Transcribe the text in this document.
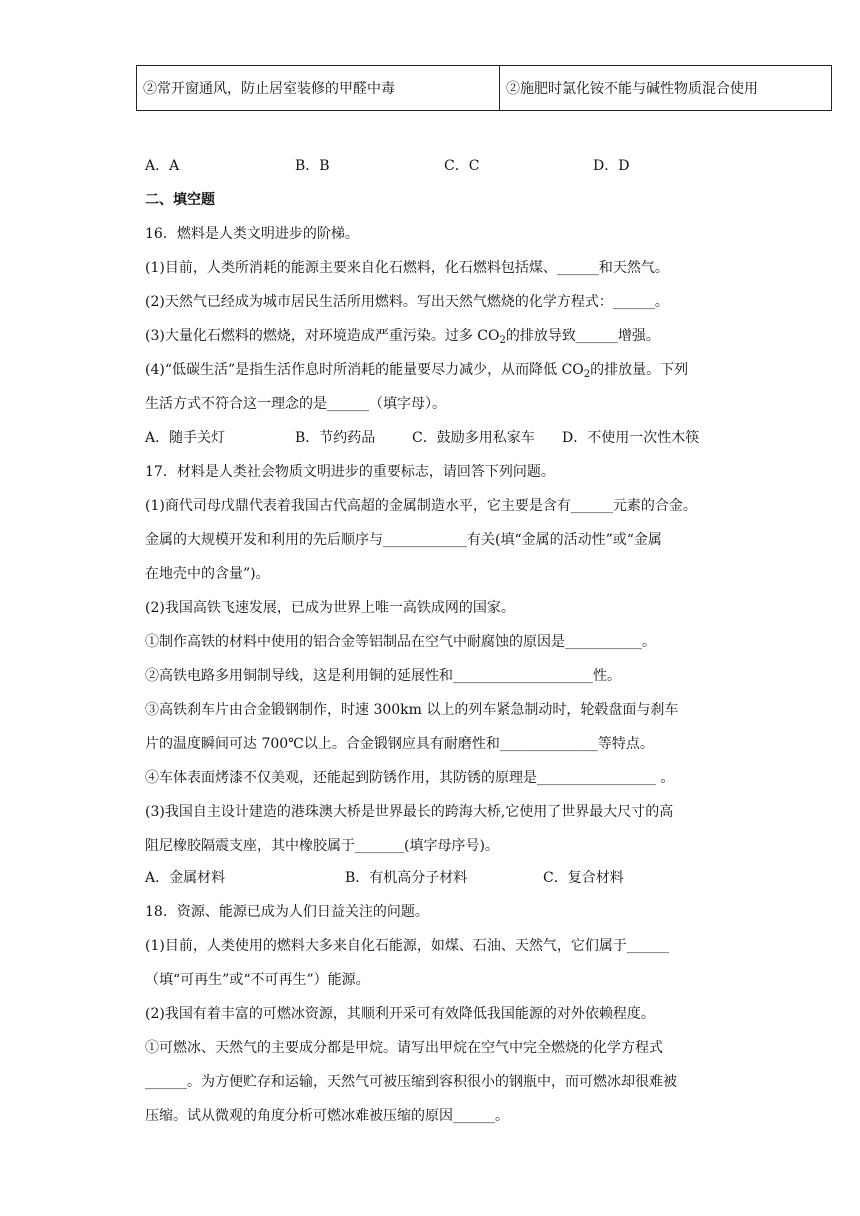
②常开窗通风，防止居室装修的甲醛中毒	②施肥时氯化铵不能与碱性物质混合使用
A．A	B．B	C．C	D．D
二、填空题
16．燃料是人类文明进步的阶梯。
(1)目前，人类所消耗的能源主要来自化石燃料，化石燃料包括煤、______和天然气。
(2)天然气已经成为城市居民生活所用燃料。写出天然气燃烧的化学方程式：______。
(3)大量化石燃料的燃烧，对环境造成严重污染。过多 $CO_2$的排放导致______增强。
(4)“低碳生活”是指生活作息时所消耗的能量要尽力减少，从而降低 $CO_2$的排放量。下列
生活方式不符合这一理念的是______（填字母）。
A．随手关灯	B．节约药品	C．鼓励多用私家车 D．不使用一次性木筷
17．材料是人类社会物质文明进步的重要标志，请回答下列问题。
(1)商代司母戊鼎代表着我国古代高超的金属制造水平，它主要是含有______元素的合金。
金属的大规模开发和利用的先后顺序与____________有关(填“金属的活动性”或“金属
在地壳中的含量”)。
(2)我国高铁飞速发展，已成为世界上唯一高铁成网的国家。
①制作高铁的材料中使用的铝合金等铝制品在空气中耐腐蚀的原因是___________。
②高铁电路多用铜制导线，这是利用铜的延展性和____________________性。
③高铁刹车片由合金锻钢制作，时速 300km 以上的列车紧急制动时，轮毂盘面与刹车
片的温度瞬间可达 700℃以上。合金锻钢应具有耐磨性和______________等特点。
④车体表面烤漆不仅美观，还能起到防锈作用，其防锈的原理是_________________ 。
(3)我国自主设计建造的港珠澳大桥是世界最长的跨海大桥,它使用了世界最大尺寸的高
阻尼橡胶隔震支座，其中橡胶属于_______(填字母序号)。
A．金属材料	B．有机高分子材料	C．复合材料
18．资源、能源已成为人们日益关注的问题。
(1)目前，人类使用的燃料大多来自化石能源，如煤、石油、天然气，它们属于______
（填“可再生”或“不可再生”）能源。
(2)我国有着丰富的可燃冰资源，其顺利开采可有效降低我国能源的对外依赖程度。
①可燃冰、天然气的主要成分都是甲烷。请写出甲烷在空气中完全燃烧的化学方程式
______。为方便贮存和运输，天然气可被压缩到容积很小的钢瓶中，而可燃冰却很难被
压缩。试从微观的角度分析可燃冰难被压缩的原因______。
